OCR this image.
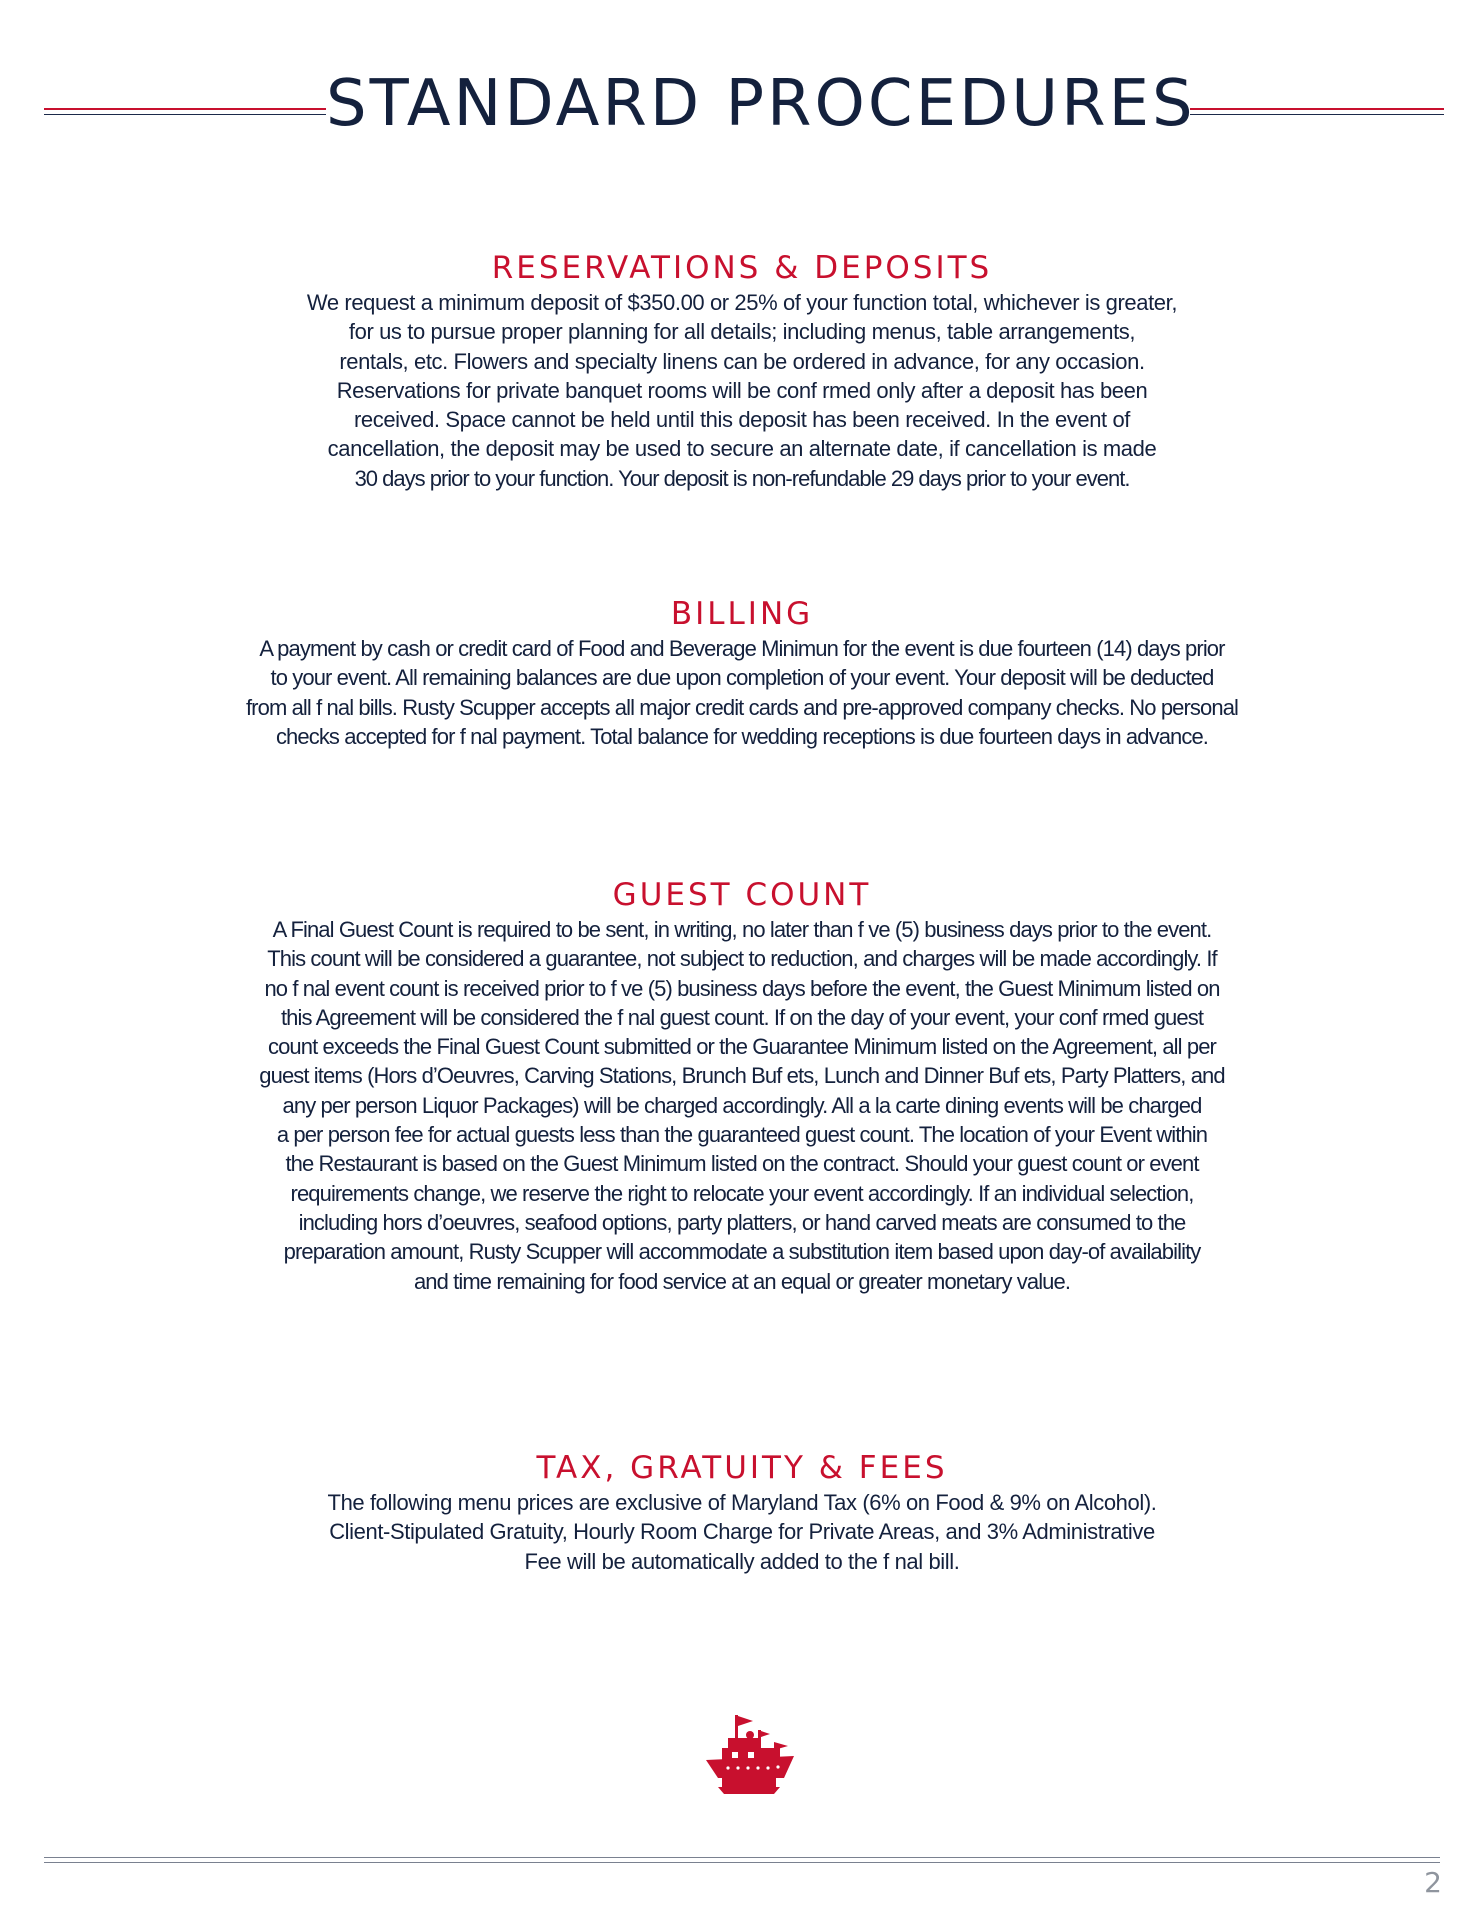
STANDARD PROCEDURES
RESERVATIONS & DEPOSITS
We request a minimum deposit of $350.00 or 25% of your function total, whichever is greater,
for us to pursue proper planning for all details; including menus, table arrangements,
rentals, etc. Flowers and specialty linens can be ordered in advance, for any occasion.
Reservations for private banquet rooms will be conf rmed only after a deposit has been
received. Space cannot be held until this deposit has been received. In the event of
cancellation, the deposit may be used to secure an alternate date, if cancellation is made
30 days prior to your function. Your deposit is non-refundable 29 days prior to your event.
BILLING
A payment by cash or credit card of Food and Beverage Minimun for the event is due fourteen (14) days prior
to your event. All remaining balances are due upon completion of your event. Your deposit will be deducted
from all f nal bills. Rusty Scupper accepts all major credit cards and pre-approved company checks. No personal
checks accepted for f nal payment. Total balance for wedding receptions is due fourteen days in advance.
GUEST COUNT
A Final Guest Count is required to be sent, in writing, no later than f ve (5) business days prior to the event.
This count will be considered a guarantee, not subject to reduction, and charges will be made accordingly. If
no f nal event count is received prior to f ve (5) business days before the event, the Guest Minimum listed on
this Agreement will be considered the f nal guest count. If on the day of your event, your conf rmed guest
count exceeds the Final Guest Count submitted or the Guarantee Minimum listed on the Agreement, all per
guest items (Hors d’Oeuvres, Carving Stations, Brunch Buf ets, Lunch and Dinner Buf ets, Party Platters, and
any per person Liquor Packages) will be charged accordingly. All a la carte dining events will be charged
a per person fee for actual guests less than the guaranteed guest count. The location of your Event within
the Restaurant is based on the Guest Minimum listed on the contract. Should your guest count or event
requirements change, we reserve the right to relocate your event accordingly. If an individual selection,
including hors d’oeuvres, seafood options, party platters, or hand carved meats are consumed to the
preparation amount, Rusty Scupper will accommodate a substitution item based upon day-of availability
and time remaining for food service at an equal or greater monetary value.
TAX, GRATUITY & FEES
The following menu prices are exclusive of Maryland Tax (6% on Food & 9% on Alcohol).
Client-Stipulated Gratuity, Hourly Room Charge for Private Areas, and 3% Administrative
Fee will be automatically added to the f nal bill.
2
